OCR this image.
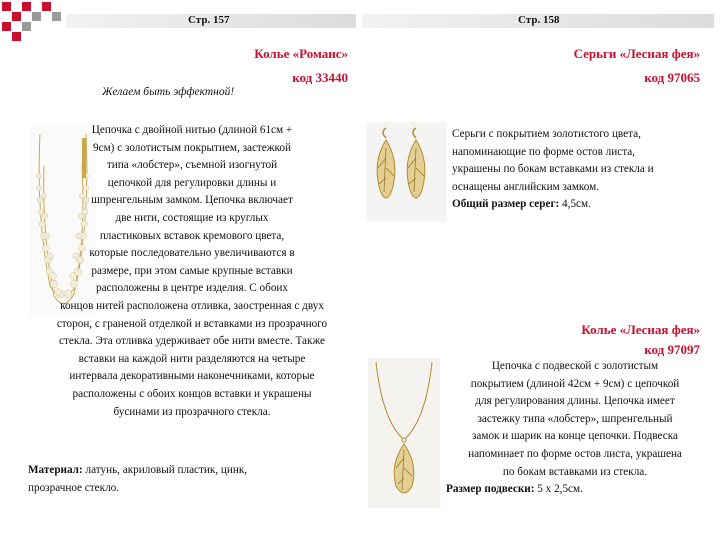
Стр. 157	Стр. 158
Колье «Романс»
код 33440
Желаем быть эффектной!
Цепочка с двойной нитью (длиной 61см +
9см) с золотистым покрытием, застежкой
типа «лобстер», съемной изогнутой
цепочкой для регулировки длины и
шпренгельным замком. Цепочка включает
две нити, состоящие из круглых
пластиковых вставок кремового цвета,
которые последовательно увеличиваются в
размере, при этом самые крупные вставки
расположены в центре изделия. С обоих
концов нитей расположена отливка, заостренная с двух
сторон, с граненой отделкой и вставками из прозрачного
стекла. Эта отливка удерживает обе нити вместе. Также
вставки на каждой нити разделяются на четыре
интервала декоративными наконечниками, которые
расположены с обоих концов вставки и украшены
бусинами из прозрачного стекла.
Материал: латунь, акриловый пластик, цинк,
прозрачное стекло.
Серьги «Лесная фея»
код 97065
Серьги с покрытием золотистого цвета,
напоминающие по форме остов листа,
украшены по бокам вставками из стекла и
оснащены английским замком.
Общий размер серег: 4,5см.
Колье «Лесная фея»
код 97097
Цепочка с подвеской с золотистым
покрытием (длиной 42см + 9см) с цепочкой
для регулирования длины. Цепочка имеет
застежку типа «лобстер», шпренгельный
замок и шарик на конце цепочки. Подвеска
напоминает по форме остов листа, украшена
по бокам вставками из стекла.
Размер подвески: 5 х 2,5см.
